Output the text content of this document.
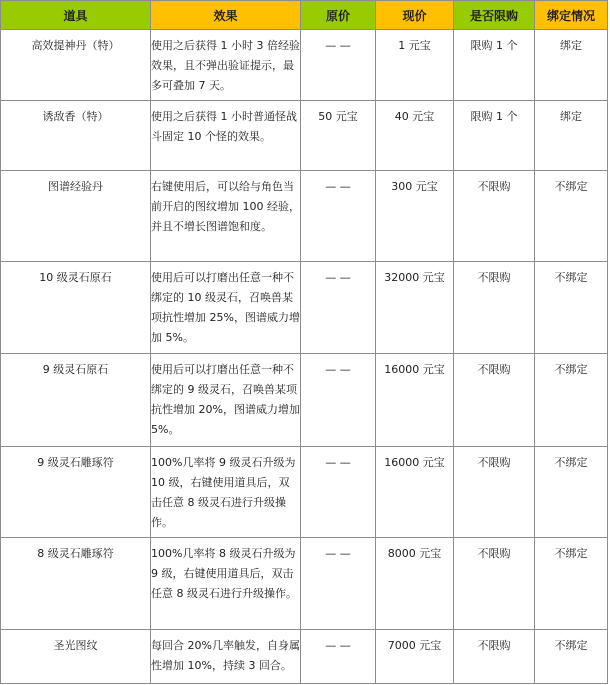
道具	效果	原价	现价	是否限购	绑定情况
高效提神丹（特）	使用之后获得 1 小时 3 倍经验效果，且不弹出验证提示，最多可叠加 7 天。	— —	1 元宝	限购 1 个	绑定
诱敌香（特）	使用之后获得 1 小时普通怪战斗固定 10 个怪的效果。	50 元宝	40 元宝	限购 1 个	绑定
图谱经验丹	右键使用后，可以给与角色当前开启的图纹增加 100 经验，并且不增长图谱饱和度。	— —	300 元宝	不限购	不绑定
10 级灵石原石	使用后可以打磨出任意一种不绑定的 10 级灵石，召唤兽某项抗性增加 25%，图谱威力增加 5%。	— —	32000 元宝	不限购	不绑定
9 级灵石原石	使用后可以打磨出任意一种不绑定的 9 级灵石，召唤兽某项抗性增加 20%，图谱威力增加 5%。	— —	16000 元宝	不限购	不绑定
9 级灵石雕琢符	100%几率将 9 级灵石升级为 10 级，右键使用道具后，双击任意 8 级灵石进行升级操作。	— —	16000 元宝	不限购	不绑定
8 级灵石雕琢符	100%几率将 8 级灵石升级为 9 级，右键使用道具后，双击任意 8 级灵石进行升级操作。	— —	8000 元宝	不限购	不绑定
圣光图纹	每回合 20%几率触发，自身属性增加 10%，持续 3 回合。	— —	7000 元宝	不限购	不绑定
